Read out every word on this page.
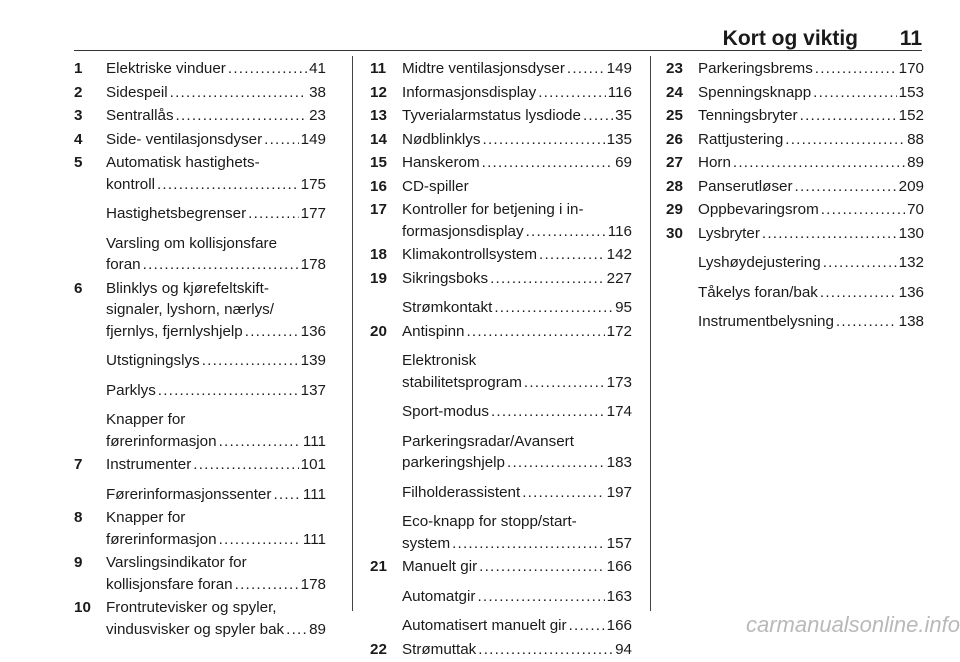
Kort og viktig 11
1 Elektriske vinduer . . .	41
2 Sidespeil . . .	38
3 Sentrallås . . .	23
4 Side- ventilasjonsdyser . . .	149
5 Automatisk hastighets-
kontroll . . .	175
Hastighetsbegrenser . . .	177
Varsling om kollisjonsfare
foran . . .	178
6 Blinklys og kjørefeltskift-
signaler, lyshorn, nærlys/
fjernlys, fjernlyshjelp . . .	136
Utstigningslys . . .	139
Parklys . . .	137
Knapper for
førerinformasjon . . .	111
7 Instrumenter . . .	101
Førerinformasjonssenter . . . 111
8 Knapper for
førerinformasjon . . .	111
9 Varslingsindikator for
kollisjonsfare foran . . .	178
10 Frontrutevisker og spyler,
vindusvisker og spyler bak . . . 89
11 Midtre ventilasjonsdyser . . .	149
12 Informasjonsdisplay . . .	116
13 Tyverialarmstatus lysdiode . . . 35
14 Nødblinklys . . .	135
15 Hanskerom . . .	69
16 CD-spiller
17 Kontroller for betjening i in-
formasjonsdisplay . . .	116
18 Klimakontrollsystem . . .	142
19 Sikringsboks . . .	227
Strømkontakt . . .	95
20 Antispinn . . .	172
Elektronisk
stabilitetsprogram . . .	173
Sport-modus . . .	174
Parkeringsradar/Avansert
parkeringshjelp . . .	183
Filholderassistent . . .	197
Eco-knapp for stopp/start-
system . . .	157
21 Manuelt gir . . .	166
Automatgir . . .	163
Automatisert manuelt gir . . .	166
22 Strømuttak . . .	94
23 Parkeringsbrems . . .	170
24 Spenningsknapp . . .	153
25 Tenningsbryter . . .	152
26 Rattjustering . . .	88
27 Horn . . .	89
28 Panserutløser . . .	209
29 Oppbevaringsrom . . .	70
30 Lysbryter . . .	130
Lyshøydejustering . . .	132
Tåkelys foran/bak . . .	136
Instrumentbelysning . . .	138
carmanualsonline.info
